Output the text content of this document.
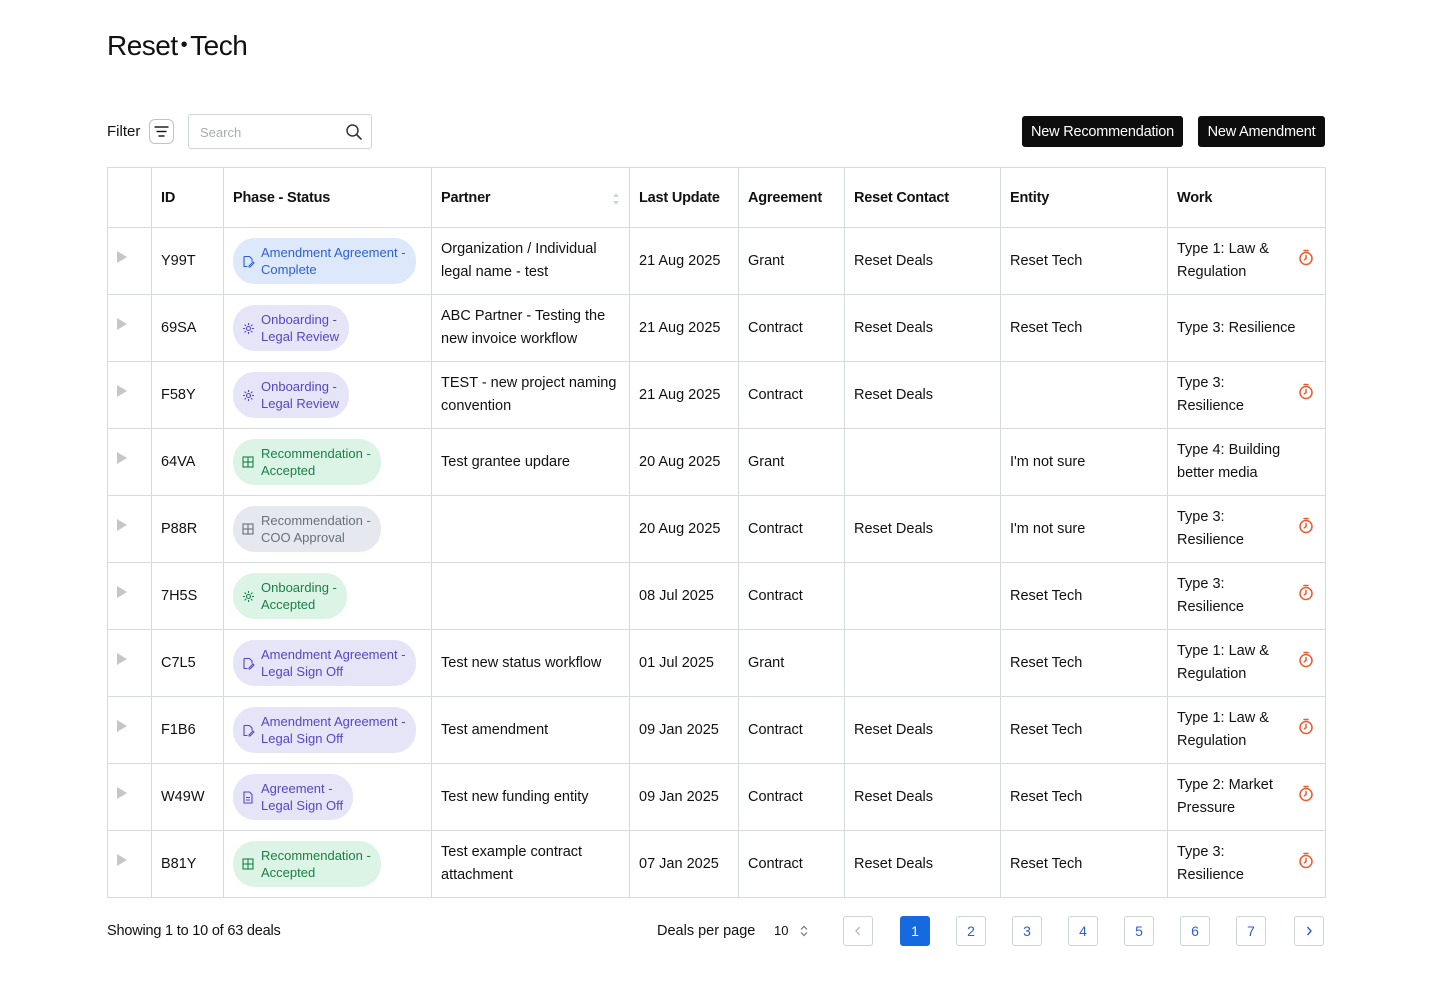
Reset • Tech
Filter
Search	New Recommendation	New Amendment
	ID	Phase - Status	Partner	Last Update	Agreement	Reset Contact	Entity	Work
	Y99T	Amendment Agreement -
Complete	Organization / Individual legal name - test	21 Aug 2025	Grant	Reset Deals	Reset Tech	Type 1: Law & Regulation

	69SA	Onboarding -
Legal Review	ABC Partner - Testing the new invoice workflow	21 Aug 2025	Contract	Reset Deals	Reset Tech	Type 3: Resilience

	F58Y	Onboarding -
Legal Review	TEST - new project naming convention	21 Aug 2025	Contract	Reset Deals		Type 3: Resilience

	64VA	Recommendation -
Accepted	Test grantee updare	20 Aug 2025	Grant		I'm not sure	Type 4: Building better media

	P88R	Recommendation -
COO Approval		20 Aug 2025	Contract	Reset Deals	I'm not sure	Type 3: Resilience

	7H5S	Onboarding -
Accepted		08 Jul 2025	Contract		Reset Tech	Type 3: Resilience

	C7L5	Amendment Agreement -
Legal Sign Off	Test new status workflow	01 Jul 2025	Grant		Reset Tech	Type 1: Law & Regulation

	F1B6	Amendment Agreement -
Legal Sign Off	Test amendment	09 Jan 2025	Contract	Reset Deals	Reset Tech	Type 1: Law & Regulation

	W49W	Agreement -
Legal Sign Off	Test new funding entity	09 Jan 2025	Contract	Reset Deals	Reset Tech	Type 2: Market Pressure

	B81Y	Recommendation -
Accepted	Test example contract attachment	07 Jan 2025	Contract	Reset Deals	Reset Tech	Type 3: Resilience
Showing 1 to 10 of 63 deals	Deals per page 10	1	2	3	4	5	6	7
